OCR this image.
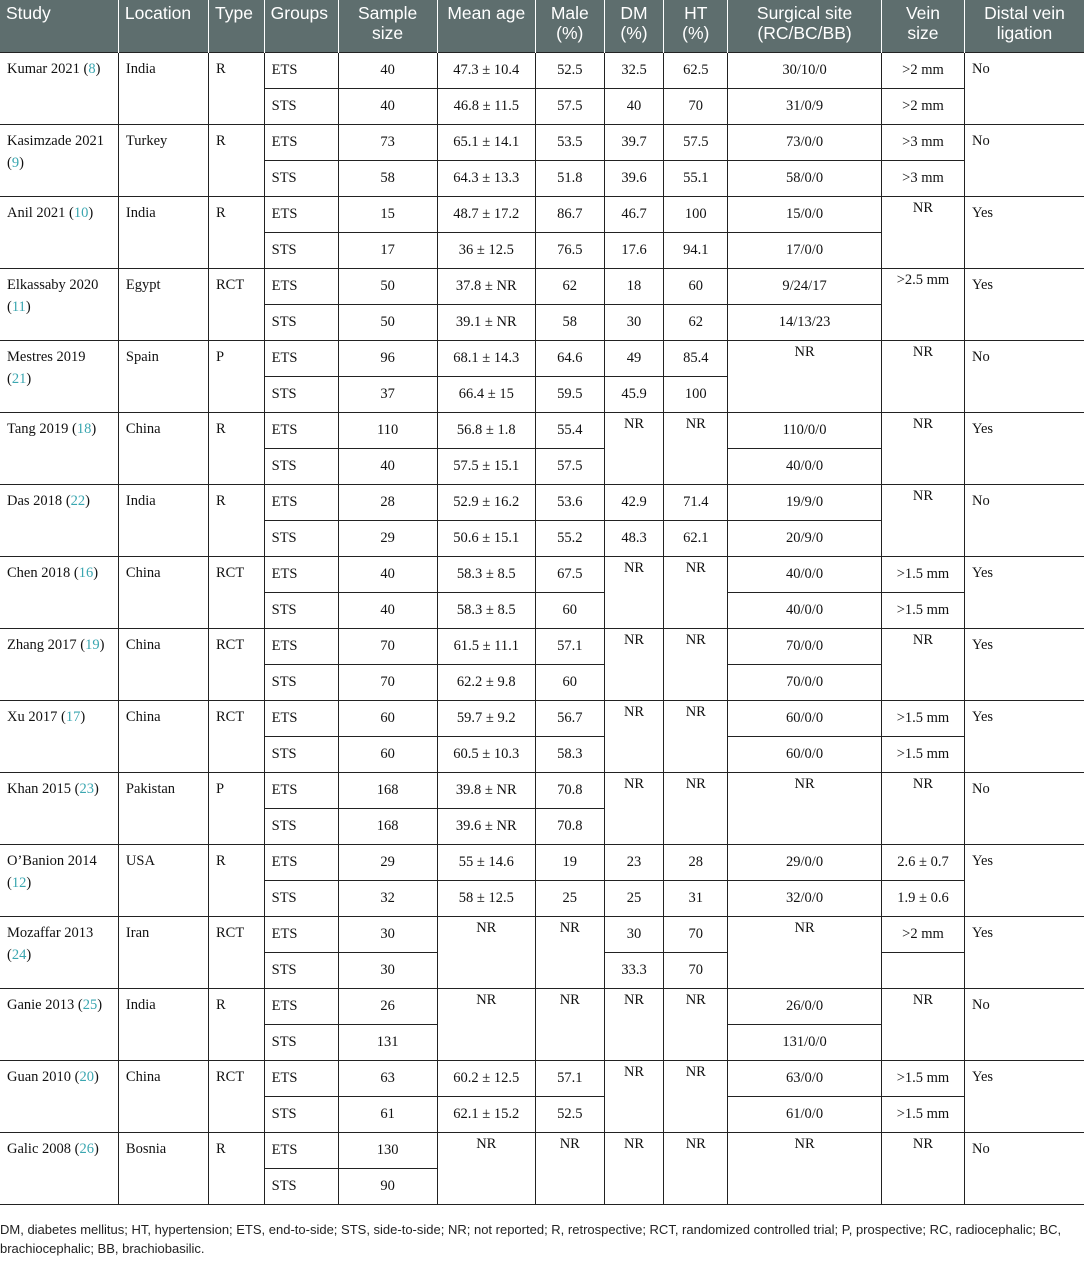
Study	Location	Type	Groups	Sample size	Mean age	Male (%)	DM (%)	HT (%)	Surgical site (RC/BC/BB)	Vein size	Distal vein ligation
Kumar 2021 (8)	India	R	ETS	40	47.3 ± 10.4	52.5	32.5	62.5	30/10/0	>2 mm	No
			STS	40	46.8 ± 11.5	57.5	40	70	31/0/9	>2 mm	
Kasimzade 2021 (9)	Turkey	R	ETS	73	65.1 ± 14.1	53.5	39.7	57.5	73/0/0	>3 mm	No
			STS	58	64.3 ± 13.3	51.8	39.6	55.1	58/0/0	>3 mm	
Anil 2021 (10)	India	R	ETS	15	48.7 ± 17.2	86.7	46.7	100	15/0/0	NR	Yes
			STS	17	36 ± 12.5	76.5	17.6	94.1	17/0/0		
Elkassaby 2020 (11)	Egypt	RCT	ETS	50	37.8 ± NR	62	18	60	9/24/17	>2.5 mm	Yes
			STS	50	39.1 ± NR	58	30	62	14/13/23		
Mestres 2019 (21)	Spain	P	ETS	96	68.1 ± 14.3	64.6	49	85.4	NR	NR	No
			STS	37	66.4 ± 15	59.5	45.9	100			
Tang 2019 (18)	China	R	ETS	110	56.8 ± 1.8	55.4	NR	NR	110/0/0	NR	Yes
			STS	40	57.5 ± 15.1	57.5			40/0/0		
Das 2018 (22)	India	R	ETS	28	52.9 ± 16.2	53.6	42.9	71.4	19/9/0	NR	No
			STS	29	50.6 ± 15.1	55.2	48.3	62.1	20/9/0		
Chen 2018 (16)	China	RCT	ETS	40	58.3 ± 8.5	67.5	NR	NR	40/0/0	>1.5 mm	Yes
			STS	40	58.3 ± 8.5	60			40/0/0	>1.5 mm	
Zhang 2017 (19)	China	RCT	ETS	70	61.5 ± 11.1	57.1	NR	NR	70/0/0	NR	Yes
			STS	70	62.2 ± 9.8	60			70/0/0		
Xu 2017 (17)	China	RCT	ETS	60	59.7 ± 9.2	56.7	NR	NR	60/0/0	>1.5 mm	Yes
			STS	60	60.5 ± 10.3	58.3			60/0/0	>1.5 mm	
Khan 2015 (23)	Pakistan	P	ETS	168	39.8 ± NR	70.8	NR	NR	NR	NR	No
			STS	168	39.6 ± NR	70.8					
O’Banion 2014 (12)	USA	R	ETS	29	55 ± 14.6	19	23	28	29/0/0	2.6 ± 0.7	Yes
			STS	32	58 ± 12.5	25	25	31	32/0/0	1.9 ± 0.6	
Mozaffar 2013 (24)	Iran	RCT	ETS	30	NR	NR	30	70	NR	>2 mm	Yes
			STS	30			33.3	70			
Ganie 2013 (25)	India	R	ETS	26	NR	NR	NR	NR	26/0/0	NR	No
			STS	131					131/0/0		
Guan 2010 (20)	China	RCT	ETS	63	60.2 ± 12.5	57.1	NR	NR	63/0/0	>1.5 mm	Yes
			STS	61	62.1 ± 15.2	52.5			61/0/0	>1.5 mm	
Galic 2008 (26)	Bosnia	R	ETS	130	NR	NR	NR	NR	NR	NR	No
			STS	90							
DM, diabetes mellitus; HT, hypertension; ETS, end-to-side; STS, side-to-side; NR; not reported; R, retrospective; RCT, randomized controlled trial; P, prospective; RC, radiocephalic; BC, brachiocephalic; BB, brachiobasilic.
